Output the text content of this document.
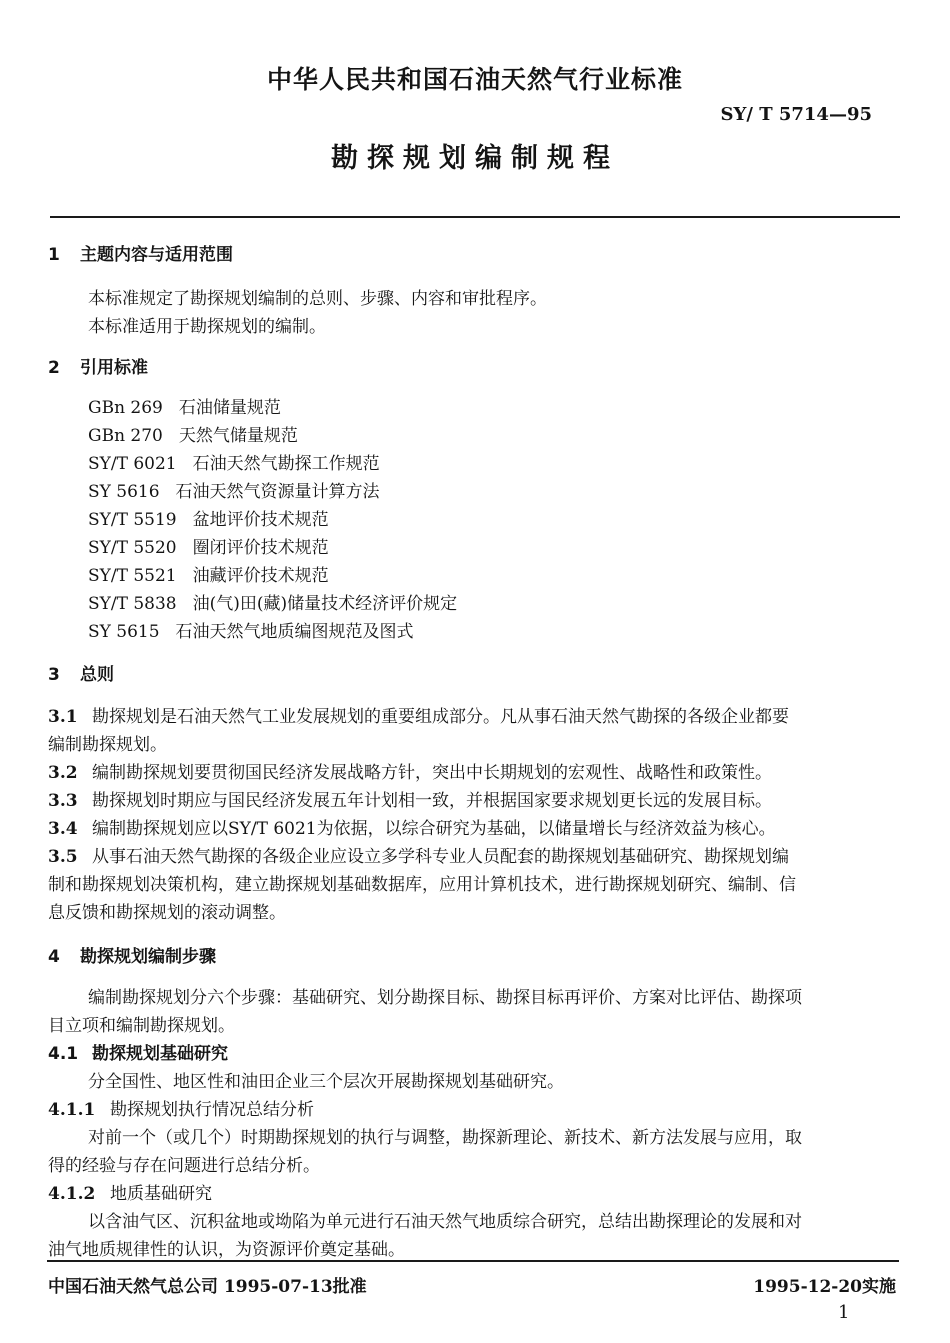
中华人民共和国石油天然气行业标准
SY/ T 5714—95
勘探规划编制规程
1 主题内容与适用范围
本标准规定了勘探规划编制的总则、步骤、内容和审批程序。
本标准适用于勘探规划的编制。
2 引用标准
GBn 269 石油储量规范
GBn 270 天然气储量规范
SY/T 6021 石油天然气勘探工作规范
SY 5616 石油天然气资源量计算方法
SY/T 5519 盆地评价技术规范
SY/T 5520 圈闭评价技术规范
SY/T 5521 油藏评价技术规范
SY/T 5838 油(气)田(藏)储量技术经济评价规定
SY 5615 石油天然气地质编图规范及图式
3 总则
3.1 勘探规划是石油天然气工业发展规划的重要组成部分。凡从事石油天然气勘探的各级企业都要
编制勘探规划。
3.2 编制勘探规划要贯彻国民经济发展战略方针，突出中长期规划的宏观性、战略性和政策性。
3.3 勘探规划时期应与国民经济发展五年计划相一致，并根据国家要求规划更长远的发展目标。
3.4 编制勘探规划应以SY/T 6021为依据，以综合研究为基础，以储量增长与经济效益为核心。
3.5 从事石油天然气勘探的各级企业应设立多学科专业人员配套的勘探规划基础研究、勘探规划编
制和勘探规划决策机构，建立勘探规划基础数据库，应用计算机技术，进行勘探规划研究、编制、信
息反馈和勘探规划的滚动调整。
4 勘探规划编制步骤
编制勘探规划分六个步骤：基础研究、划分勘探目标、勘探目标再评价、方案对比评估、勘探项
目立项和编制勘探规划。
4.1 勘探规划基础研究
分全国性、地区性和油田企业三个层次开展勘探规划基础研究。
4.1.1 勘探规划执行情况总结分析
对前一个（或几个）时期勘探规划的执行与调整，勘探新理论、新技术、新方法发展与应用，取
得的经验与存在问题进行总结分析。
4.1.2 地质基础研究
以含油气区、沉积盆地或坳陷为单元进行石油天然气地质综合研究，总结出勘探理论的发展和对
油气地质规律性的认识，为资源评价奠定基础。
中国石油天然气总公司 1995-07-13批准	1995-12-20实施
1
